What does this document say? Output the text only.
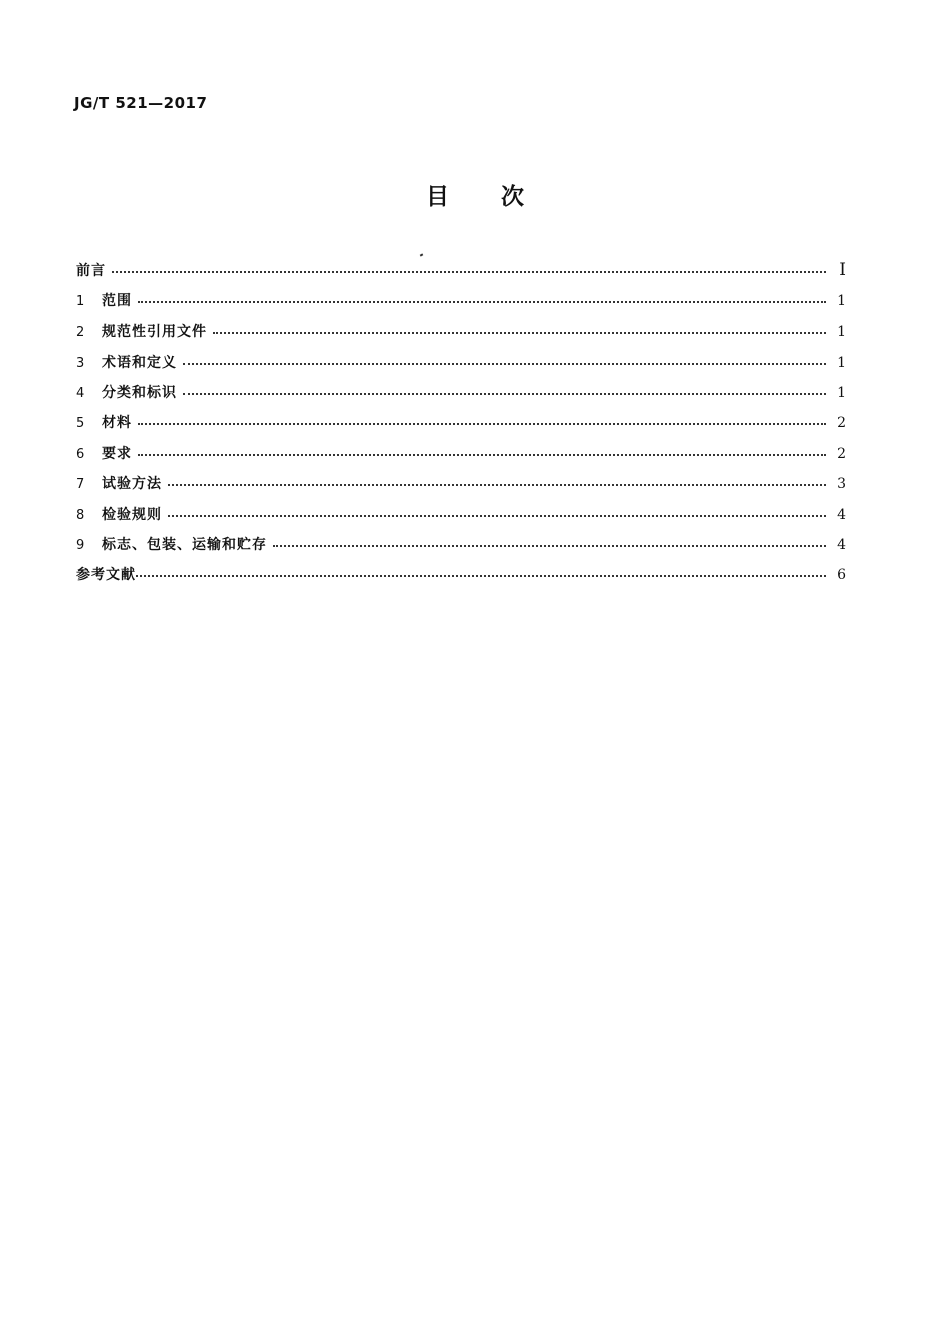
JG/T 521—2017
目 次
前言	I
1	范围	1
2	规范性引用文件	1
3	术语和定义	1
4	分类和标识	1
5	材料	2
6	要求	2
7	试验方法	3
8	检验规则	4
9	标志、包装、运输和贮存	4
参考文献	6
